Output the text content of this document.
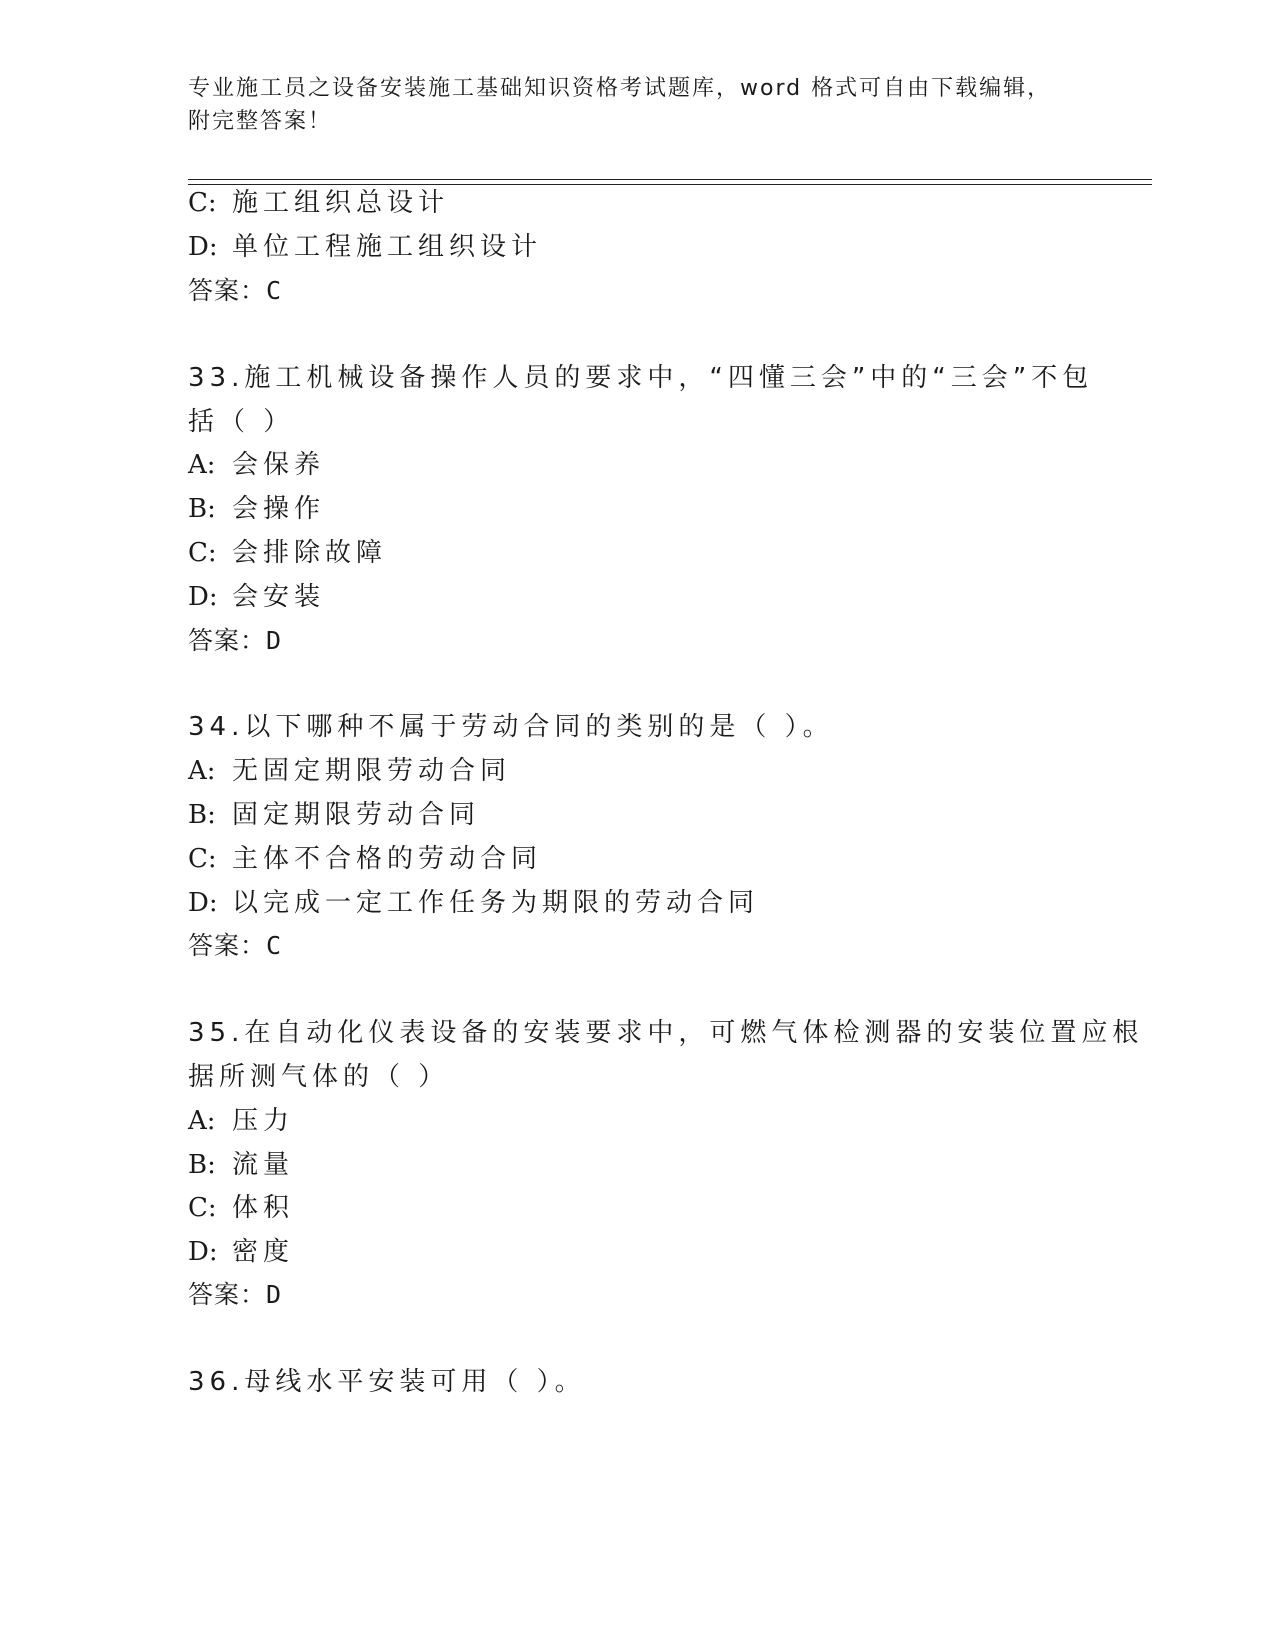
专业施工员之设备安装施工基础知识资格考试题库，word 格式可自由下载编辑，
附完整答案！
C: 施工组织总设计
D: 单位工程施工组织设计
答案：C
33.施工机械设备操作人员的要求中，“四懂三会”中的“三会”不包
括（ ）
A: 会保养
B: 会操作
C: 会排除故障
D: 会安装
答案：D
34.以下哪种不属于劳动合同的类别的是（ ）。
A: 无固定期限劳动合同
B: 固定期限劳动合同
C: 主体不合格的劳动合同
D: 以完成一定工作任务为期限的劳动合同
答案：C
35.在自动化仪表设备的安装要求中，可燃气体检测器的安装位置应根
据所测气体的（ ）
A: 压力
B: 流量
C: 体积
D: 密度
答案：D
36.母线水平安装可用（ ）。
